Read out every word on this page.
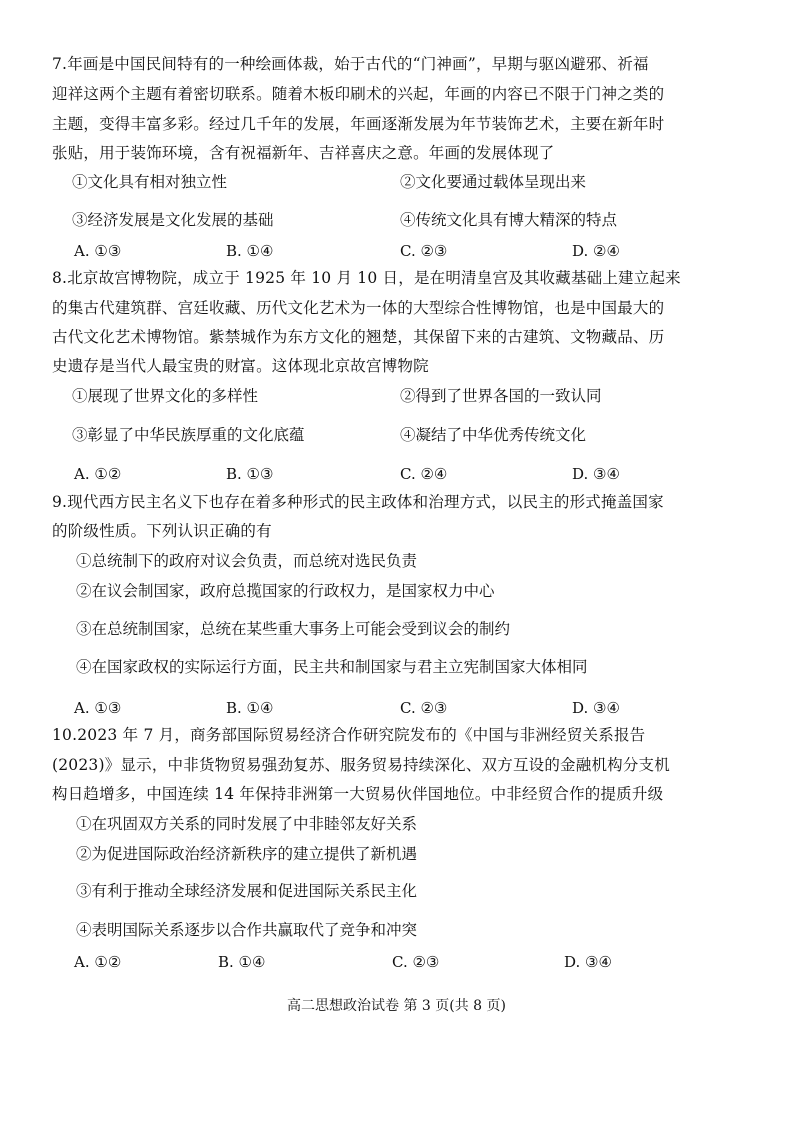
7.年画是中国民间特有的一种绘画体裁，始于古代的“门神画”，早期与驱凶避邪、祈福
迎祥这两个主题有着密切联系。随着木板印刷术的兴起，年画的内容已不限于门神之类的
主题，变得丰富多彩。经过几千年的发展，年画逐渐发展为年节装饰艺术，主要在新年时
张贴，用于装饰环境，含有祝福新年、吉祥喜庆之意。年画的发展体现了
①文化具有相对独立性	②文化要通过载体呈现出来
③经济发展是文化发展的基础	④传统文化具有博大精深的特点
A. ①③	B. ①④	C. ②③	D. ②④
8.北京故宫博物院，成立于 1925 年 10 月 10 日，是在明清皇宫及其收藏基础上建立起来
的集古代建筑群、宫廷收藏、历代文化艺术为一体的大型综合性博物馆，也是中国最大的
古代文化艺术博物馆。紫禁城作为东方文化的翘楚，其保留下来的古建筑、文物藏品、历
史遗存是当代人最宝贵的财富。这体现北京故宫博物院
①展现了世界文化的多样性	②得到了世界各国的一致认同
③彰显了中华民族厚重的文化底蕴	④凝结了中华优秀传统文化
A. ①②	B. ①③	C. ②④	D. ③④
9.现代西方民主名义下也存在着多种形式的民主政体和治理方式，以民主的形式掩盖国家
的阶级性质。下列认识正确的有
①总统制下的政府对议会负责，而总统对选民负责
②在议会制国家，政府总揽国家的行政权力，是国家权力中心
③在总统制国家，总统在某些重大事务上可能会受到议会的制约
④在国家政权的实际运行方面，民主共和制国家与君主立宪制国家大体相同
A. ①③	B. ①④	C. ②③	D. ③④
10.2023 年 7 月，商务部国际贸易经济合作研究院发布的《中国与非洲经贸关系报告
(2023)》显示，中非货物贸易强劲复苏、服务贸易持续深化、双方互设的金融机构分支机
构日趋增多，中国连续 14 年保持非洲第一大贸易伙伴国地位。中非经贸合作的提质升级
①在巩固双方关系的同时发展了中非睦邻友好关系
②为促进国际政治经济新秩序的建立提供了新机遇
③有利于推动全球经济发展和促进国际关系民主化
④表明国际关系逐步以合作共赢取代了竞争和冲突
A. ①②	B. ①④	C. ②③	D. ③④
高二思想政治试卷 第 3 页(共 8 页)
